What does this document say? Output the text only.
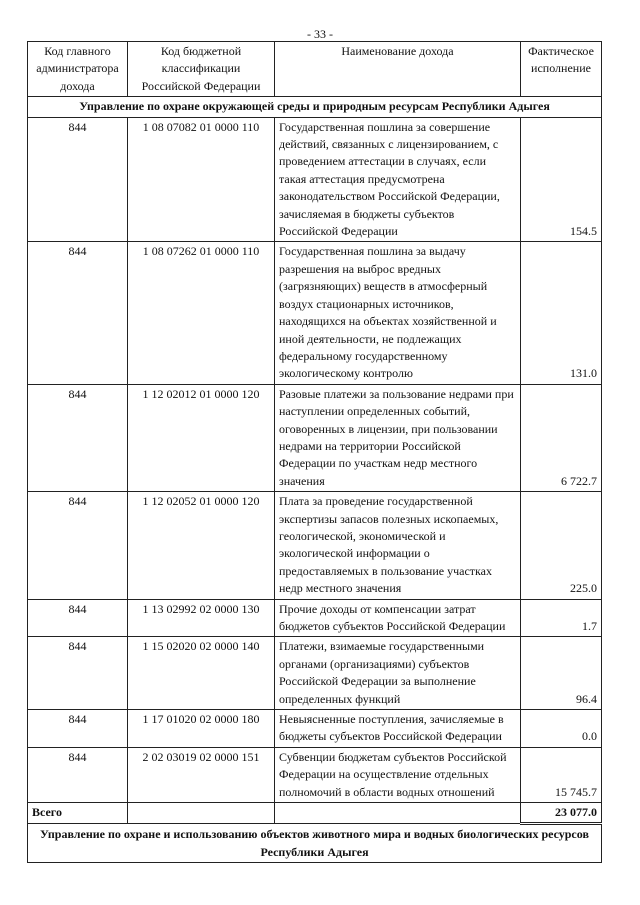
- 33 -
Код главного администратора дохода	Код бюджетной классификации Российской Федерации	Наименование дохода	Фактическое исполнение
Управление по охране окружающей среды и природным ресурсам Республики Адыгея			
844	1 08 07082 01 0000 110	Государственная пошлина за совершение действий, связанных с лицензированием, с проведением аттестации в случаях, если такая аттестация предусмотрена законодательством Российской Федерации, зачисляемая в бюджеты субъектов Российской Федерации	154.5
844	1 08 07262 01 0000 110	Государственная пошлина за выдачу разрешения на выброс вредных (загрязняющих) веществ в атмосферный воздух стационарных источников, находящихся на объектах хозяйственной и иной деятельности, не подлежащих федеральному государственному экологическому контролю	131.0
844	1 12 02012 01 0000 120	Разовые платежи за пользование недрами при наступлении определенных событий, оговоренных в лицензии, при пользовании недрами на территории Российской Федерации по участкам недр местного значения	6 722.7
844	1 12 02052 01 0000 120	Плата за проведение государственной экспертизы запасов полезных ископаемых, геологической, экономической и экологической информации о предоставляемых в пользование участках недр местного значения	225.0
844	1 13 02992 02 0000 130	Прочие доходы от компенсации затрат бюджетов субъектов Российской Федерации	1.7
844	1 15 02020 02 0000 140	Платежи, взимаемые государственными органами (организациями) субъектов Российской Федерации за выполнение определенных функций	96.4
844	1 17 01020 02 0000 180	Невыясненные поступления, зачисляемые в бюджеты субъектов Российской Федерации	0.0
844	2 02 03019 02 0000 151	Субвенции бюджетам субъектов Российской Федерации на осуществление отдельных полномочий в области водных отношений	15 745.7
Всего			23 077.0
Управление по охране и использованию объектов животного мира и водных биологических ресурсов Республики Адыгея			
